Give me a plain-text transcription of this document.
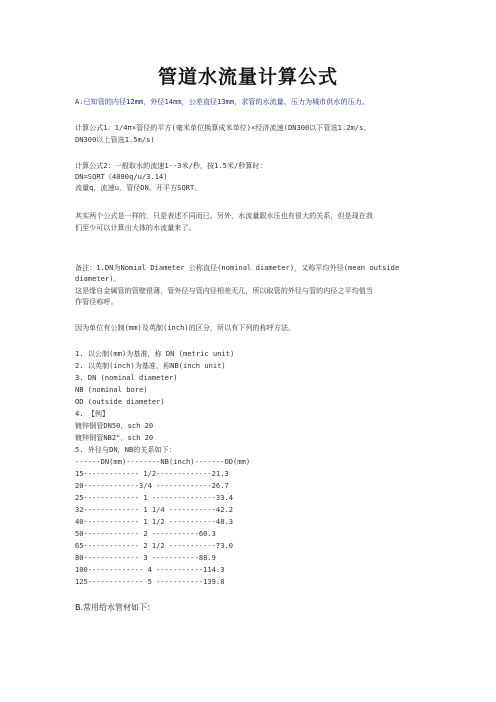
管道水流量计算公式
A.已知管的内径12mm，外径14mm，公差直径13mm，求管的水流量、压力为城市供水的压力。
计算公式1：1/4π×管径的平方(毫米单位换算成米单位)×经济流速(DN300以下管选1.2m/s、
DN300以上管选1.5m/s)
计算公式2：一般取水的流速1--3米/秒，按1.5米/秒算时：
DN=SQRT（4000q/u/3.14)
流量q，流速u，管径DN。开平方SQRT。
其实两个公式是一样的，只是表述不同而已。另外，水流量跟水压也有很大的关系，但是现在我
们至少可以计算出大体的水流量来了。
备注：1.DN为Nomial Diameter 公称直径(nominal diameter)，又称平均外径(mean outside
diameter)。
这是缘自金属管的管壁很薄，管外径与管内径相差无几，所以取管的外径与管的内径之平均值当
作管径称呼。
因为单位有公制(mm)及英制(inch)的区分，所以有下列的称呼方法。
1. 以公制(mm)为基准，称 DN (metric unit)
2. 以英制(inch)为基准，称NB(inch unit)
3. DN (nominal diameter)
NB (nominal bore)
OD (outside diameter)
4. 【例】
镀锌钢管DN50，sch 20
镀锌钢管NB2"，sch 20
5. 外径与DN，NB的关系如下：
------DN(mm)--------NB(inch)-------OD(mm)
15------------- 1/2-------------21.3
20-------------3/4 -------------26.7
25------------- 1 ---------------33.4
32------------- 1 1/4 -----------42.2
40------------- 1 1/2 -----------48.3
50------------- 2 -----------60.3
65------------- 2 1/2 -----------73.0
80------------- 3 -----------88.9
100------------- 4 -----------114.3
125------------- 5 -----------139.8
B.常用给水管材如下：
